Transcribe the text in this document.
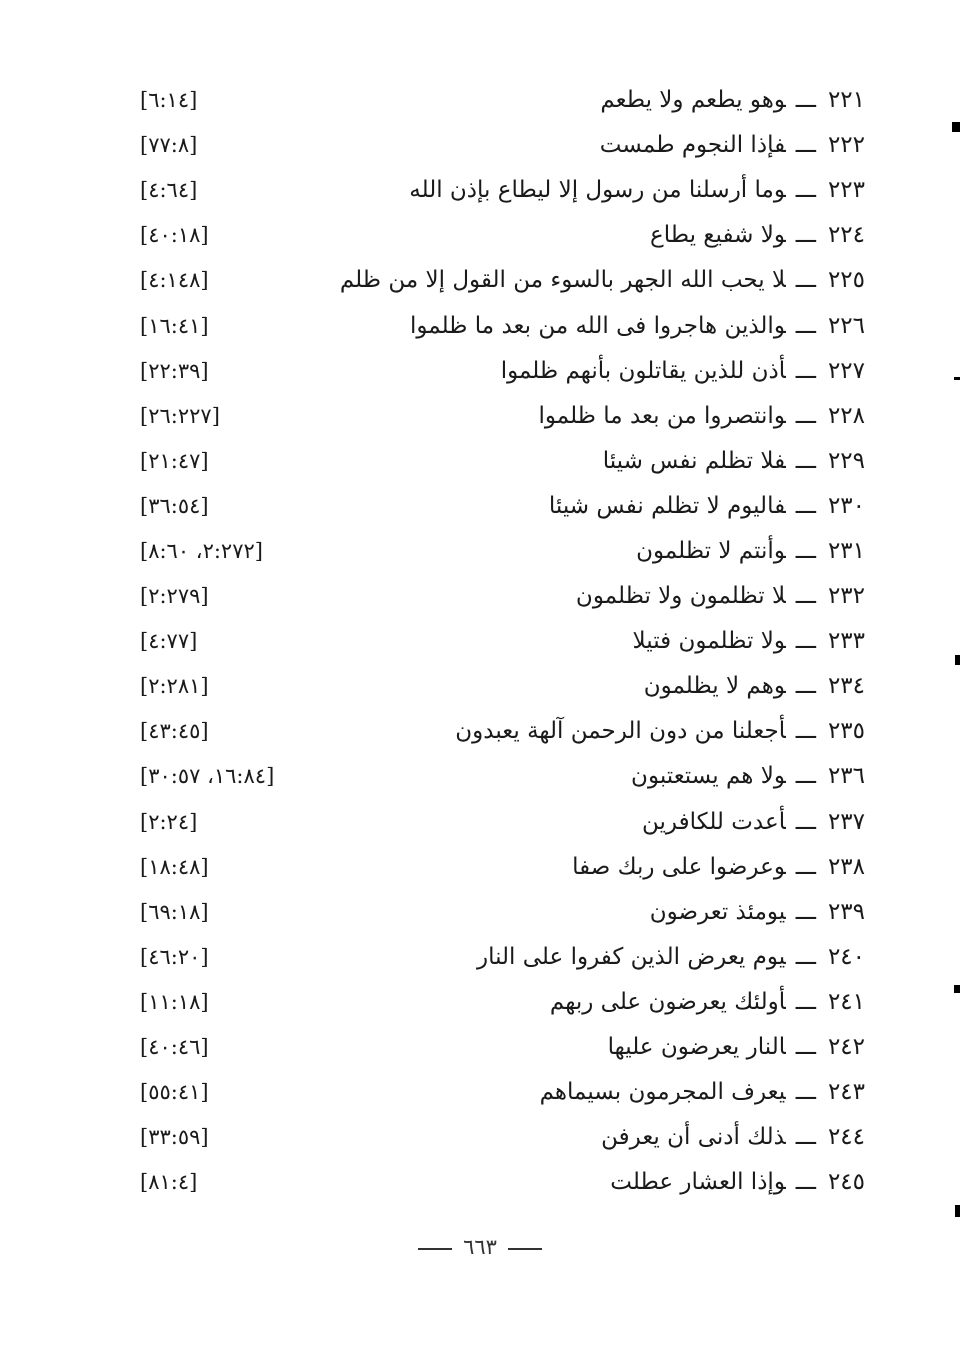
٢٢١ـــوهو يطعم ولا يطعم
[٦:١٤]
٢٢٢ـــفإذا النجوم طمست
[٧٧:٨]
٢٢٣ـــوما أرسلنا من رسول إلا ليطاع بإذن الله
[٤:٦٤]
٢٢٤ـــولا شفيع يطاع
[٤٠:١٨]
٢٢٥ـــلا يحب الله الجهر بالسوء من القول إلا من ظلم
[٤:١٤٨]
٢٢٦ـــوالذين هاجروا فى الله من بعد ما ظلموا
[١٦:٤١]
٢٢٧ـــأذن للذين يقاتلون بأنهم ظلموا
[٢٢:٣٩]
٢٢٨ـــوانتصروا من بعد ما ظلموا
[٢٦:٢٢٧]
٢٢٩ـــفلا تظلم نفس شيئا
[٢١:٤٧]
٢٣٠ـــفاليوم لا تظلم نفس شيئا
[٣٦:٥٤]
٢٣١ـــوأنتم لا تظلمون
[٢:٢٧٢، ٨:٦٠]
٢٣٢ـــلا تظلمون ولا تظلمون
[٢:٢٧٩]
٢٣٣ـــولا تظلمون فتيلا
[٤:٧٧]
٢٣٤ـــوهم لا يظلمون
[٢:٢٨١]
٢٣٥ـــأجعلنا من دون الرحمن آلهة يعبدون
[٤٣:٤٥]
٢٣٦ـــولا هم يستعتبون
[١٦:٨٤، ٣٠:٥٧]
٢٣٧ـــأعدت للكافرين
[٢:٢٤]
٢٣٨ـــوعرضوا على ربك صفا
[١٨:٤٨]
٢٣٩ـــيومئذ تعرضون
[٦٩:١٨]
٢٤٠ـــيوم يعرض الذين كفروا على النار
[٤٦:٢٠]
٢٤١ـــأولئك يعرضون على ربهم
[١١:١٨]
٢٤٢ـــالنار يعرضون عليها
[٤٠:٤٦]
٢٤٣ـــيعرف المجرمون بسيماهم
[٥٥:٤١]
٢٤٤ـــذلك أدنى أن يعرفن
[٣٣:٥٩]
٢٤٥ـــوإذا العشار عطلت
[٨١:٤]
٦٦٣
